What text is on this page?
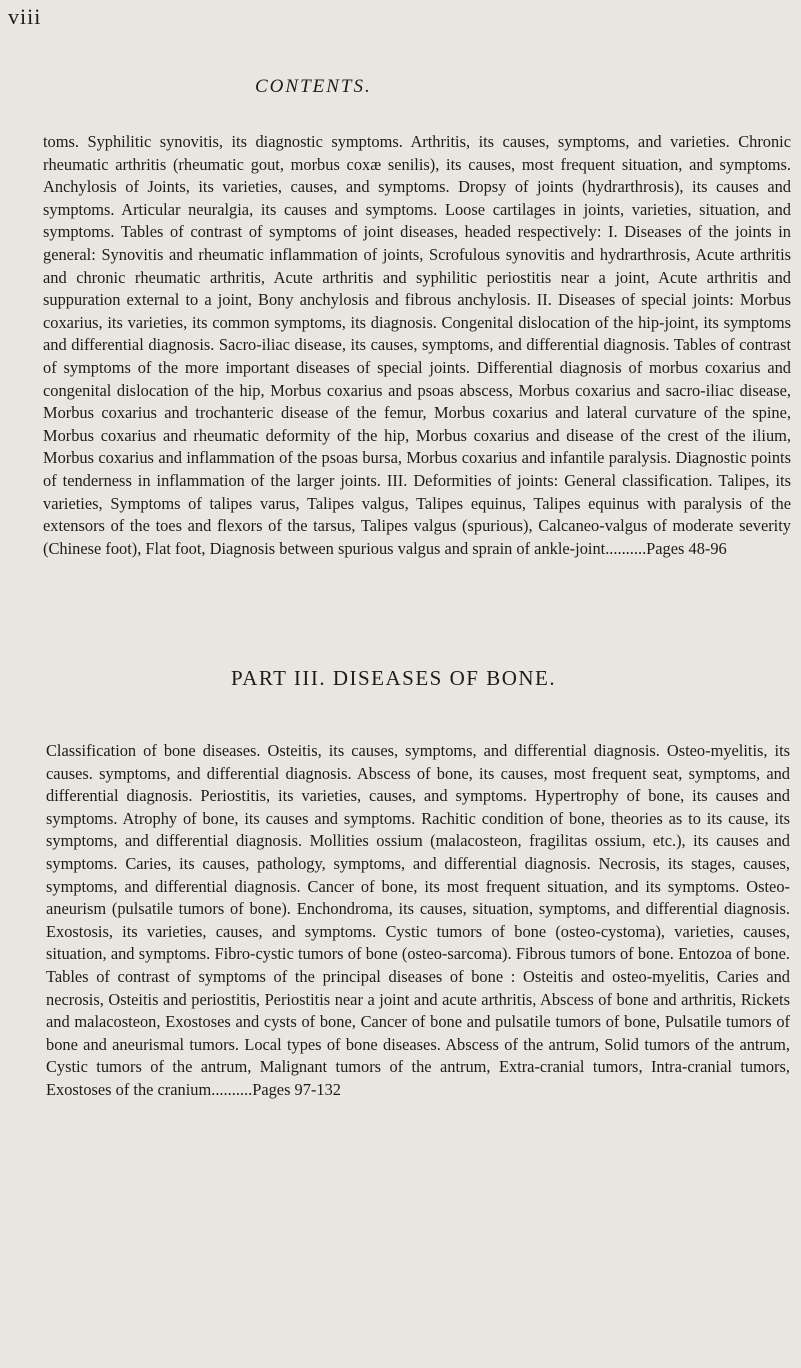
viii
CONTENTS.
toms. Syphilitic synovitis, its diagnostic symptoms. Arthritis, its causes, symptoms, and varieties. Chronic rheumatic arthritis (rheumatic gout, morbus coxæ senilis), its causes, most frequent situation, and symptoms. Anchylosis of Joints, its varieties, causes, and symptoms. Dropsy of joints (hydrarthrosis), its causes and symptoms. Articular neuralgia, its causes and symptoms. Loose cartilages in joints, varieties, situation, and symptoms. Tables of contrast of symptoms of joint diseases, headed respectively: I. Diseases of the joints in general: Synovitis and rheumatic inflammation of joints, Scrofulous synovitis and hydrarthrosis, Acute arthritis and chronic rheumatic arthritis, Acute arthritis and syphilitic periostitis near a joint, Acute arthritis and suppuration external to a joint, Bony anchylosis and fibrous anchylosis. II. Diseases of special joints: Morbus coxarius, its varieties, its common symptoms, its diagnosis. Congenital dislocation of the hip-joint, its symptoms and differential diagnosis. Sacro-iliac disease, its causes, symptoms, and differential diagnosis. Tables of contrast of symptoms of the more important diseases of special joints. Differential diagnosis of morbus coxarius and congenital dislocation of the hip, Morbus coxarius and psoas abscess, Morbus coxarius and sacro-iliac disease, Morbus coxarius and trochanteric disease of the femur, Morbus coxarius and lateral curvature of the spine, Morbus coxarius and rheumatic deformity of the hip, Morbus coxarius and disease of the crest of the ilium, Morbus coxarius and inflammation of the psoas bursa, Morbus coxarius and infantile paralysis. Diagnostic points of tenderness in inflammation of the larger joints. III. Deformities of joints: General classification. Talipes, its varieties, Symptoms of talipes varus, Talipes valgus, Talipes equinus, Talipes equinus with paralysis of the extensors of the toes and flexors of the tarsus, Talipes valgus (spurious), Calcaneo-valgus of moderate severity (Chinese foot), Flat foot, Diagnosis between spurious valgus and sprain of ankle-joint..........Pages 48-96
PART III. DISEASES OF BONE.
Classification of bone diseases. Osteitis, its causes, symptoms, and differential diagnosis. Osteo-myelitis, its causes. symptoms, and differential diagnosis. Abscess of bone, its causes, most frequent seat, symptoms, and differential diagnosis. Periostitis, its varieties, causes, and symptoms. Hypertrophy of bone, its causes and symptoms. Atrophy of bone, its causes and symptoms. Rachitic condition of bone, theories as to its cause, its symptoms, and differential diagnosis. Mollities ossium (malacosteon, fragilitas ossium, etc.), its causes and symptoms. Caries, its causes, pathology, symptoms, and differential diagnosis. Necrosis, its stages, causes, symptoms, and differential diagnosis. Cancer of bone, its most frequent situation, and its symptoms. Osteo-aneurism (pulsatile tumors of bone). Enchondroma, its causes, situation, symptoms, and differential diagnosis. Exostosis, its varieties, causes, and symptoms. Cystic tumors of bone (osteo-cystoma), varieties, causes, situation, and symptoms. Fibro-cystic tumors of bone (osteo-sarcoma). Fibrous tumors of bone. Entozoa of bone. Tables of contrast of symptoms of the principal diseases of bone : Osteitis and osteo-myelitis, Caries and necrosis, Osteitis and periostitis, Periostitis near a joint and acute arthritis, Abscess of bone and arthritis, Rickets and malacosteon, Exostoses and cysts of bone, Cancer of bone and pulsatile tumors of bone, Pulsatile tumors of bone and aneurismal tumors. Local types of bone diseases. Abscess of the antrum, Solid tumors of the antrum, Cystic tumors of the antrum, Malignant tumors of the antrum, Extra-cranial tumors, Intra-cranial tumors, Exostoses of the cranium..........Pages 97-132
